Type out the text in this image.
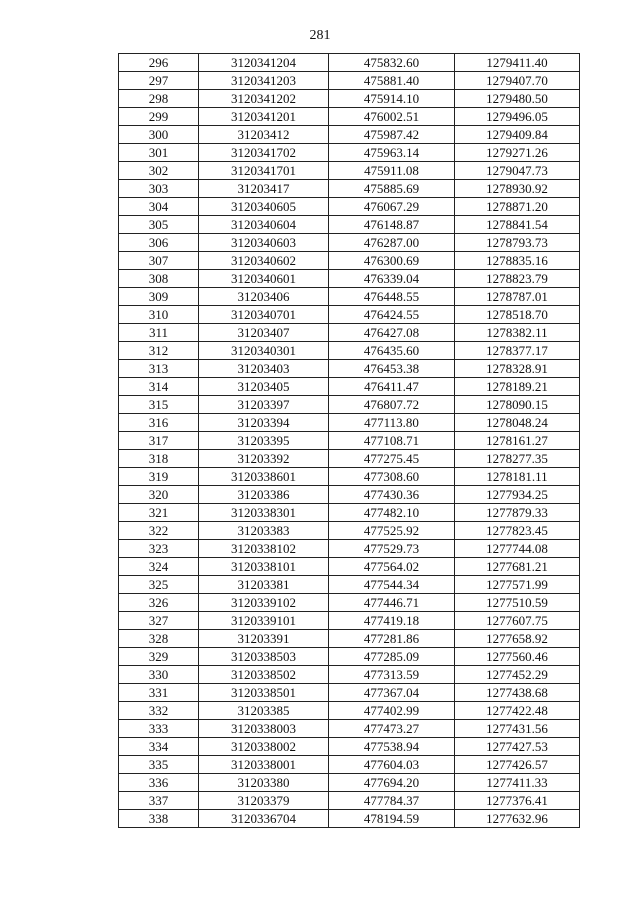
281
296	3120341204	475832.60	1279411.40
297	3120341203	475881.40	1279407.70
298	3120341202	475914.10	1279480.50
299	3120341201	476002.51	1279496.05
300	31203412	475987.42	1279409.84
301	3120341702	475963.14	1279271.26
302	3120341701	475911.08	1279047.73
303	31203417	475885.69	1278930.92
304	3120340605	476067.29	1278871.20
305	3120340604	476148.87	1278841.54
306	3120340603	476287.00	1278793.73
307	3120340602	476300.69	1278835.16
308	3120340601	476339.04	1278823.79
309	31203406	476448.55	1278787.01
310	3120340701	476424.55	1278518.70
311	31203407	476427.08	1278382.11
312	3120340301	476435.60	1278377.17
313	31203403	476453.38	1278328.91
314	31203405	476411.47	1278189.21
315	31203397	476807.72	1278090.15
316	31203394	477113.80	1278048.24
317	31203395	477108.71	1278161.27
318	31203392	477275.45	1278277.35
319	3120338601	477308.60	1278181.11
320	31203386	477430.36	1277934.25
321	3120338301	477482.10	1277879.33
322	31203383	477525.92	1277823.45
323	3120338102	477529.73	1277744.08
324	3120338101	477564.02	1277681.21
325	31203381	477544.34	1277571.99
326	3120339102	477446.71	1277510.59
327	3120339101	477419.18	1277607.75
328	31203391	477281.86	1277658.92
329	3120338503	477285.09	1277560.46
330	3120338502	477313.59	1277452.29
331	3120338501	477367.04	1277438.68
332	31203385	477402.99	1277422.48
333	3120338003	477473.27	1277431.56
334	3120338002	477538.94	1277427.53
335	3120338001	477604.03	1277426.57
336	31203380	477694.20	1277411.33
337	31203379	477784.37	1277376.41
338	3120336704	478194.59	1277632.96
